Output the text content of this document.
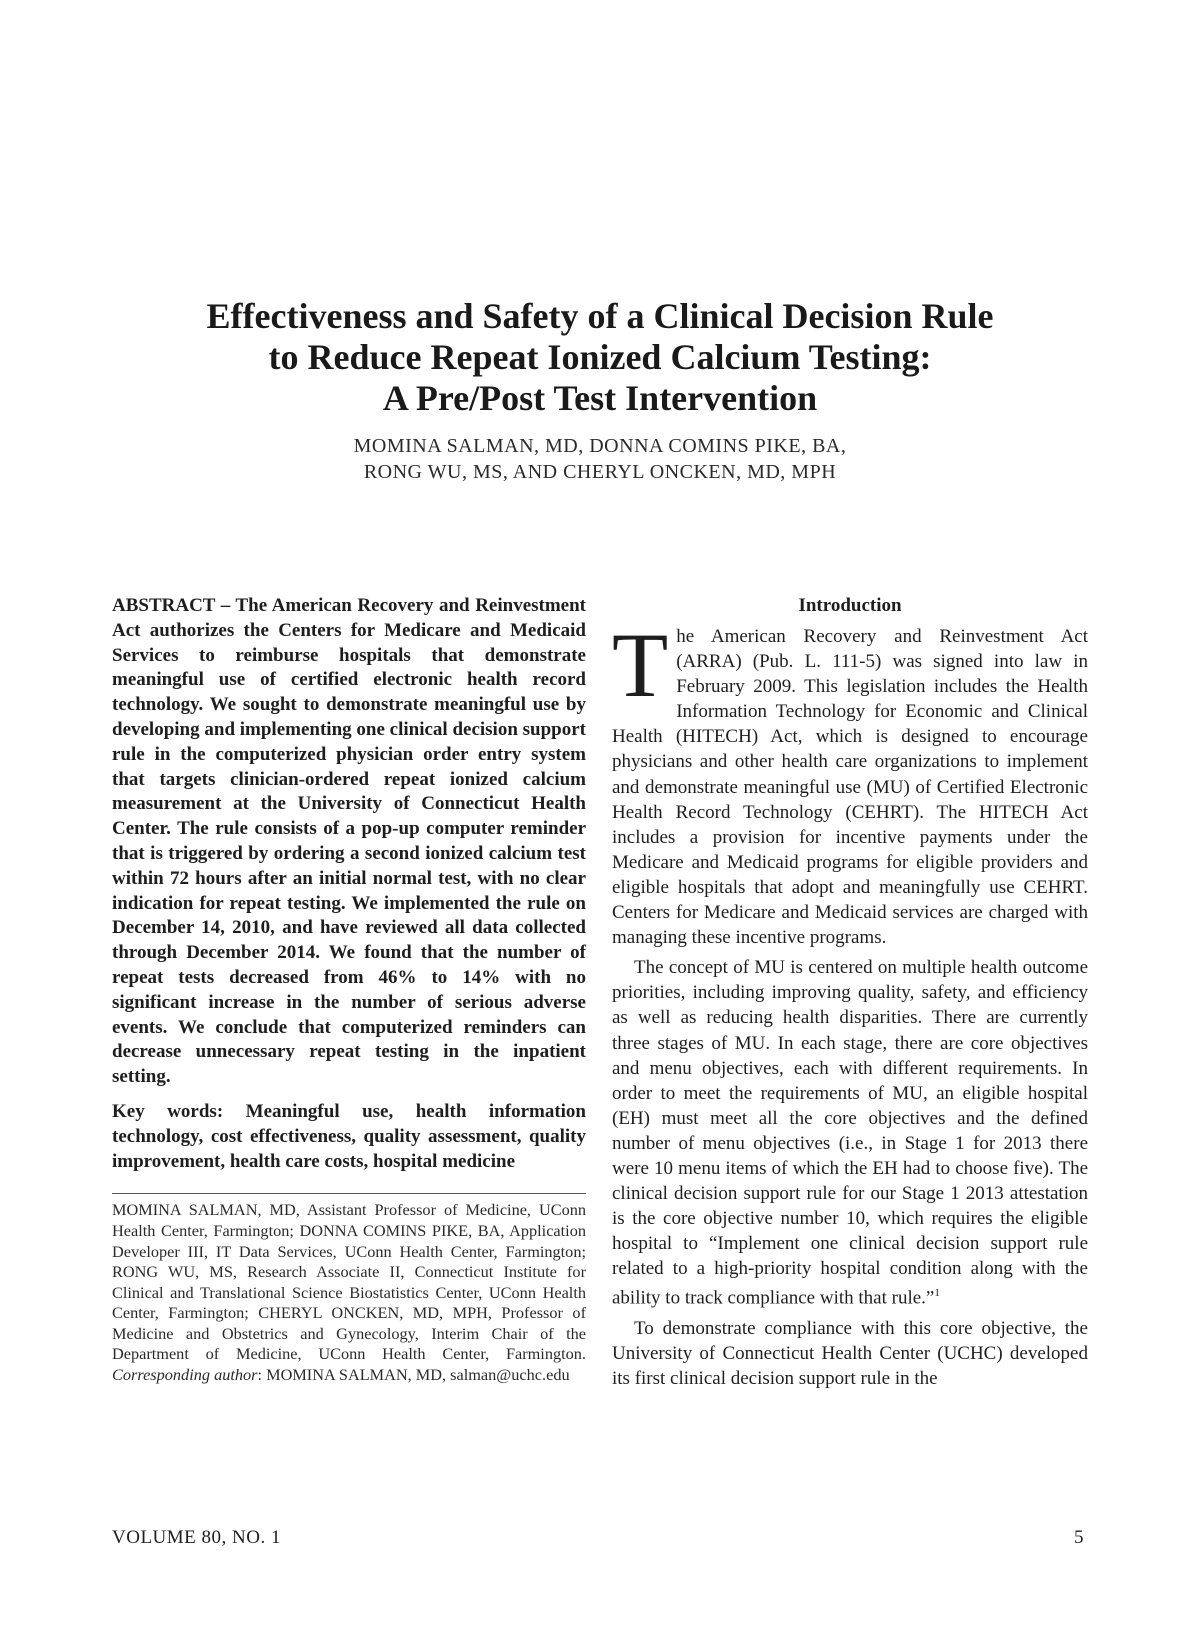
Effectiveness and Safety of a Clinical Decision Rule
to Reduce Repeat Ionized Calcium Testing:
A Pre/Post Test Intervention
MOMINA SALMAN, MD, DONNA COMINS PIKE, BA,
RONG WU, MS, AND CHERYL ONCKEN, MD, MPH

ABSTRACT – The American Recovery and Reinvestment Act authorizes the Centers for Medicare and Medicaid Services to reimburse hospitals that demonstrate meaningful use of certified electronic health record technology. We sought to demonstrate meaningful use by developing and implementing one clinical decision support rule in the computerized physician order entry system that targets clinician-ordered repeat ionized calcium measurement at the University of Connecticut Health Center. The rule consists of a pop-up computer reminder that is triggered by ordering a second ionized calcium test within 72 hours after an initial normal test, with no clear indication for repeat testing. We implemented the rule on December 14, 2010, and have reviewed all data collected through December 2014. We found that the number of repeat tests decreased from 46% to 14% with no significant increase in the number of serious adverse events. We conclude that computerized reminders can decrease unnecessary repeat testing in the inpatient setting.

Key words: Meaningful use, health information technology, cost effectiveness, quality assessment, quality improvement, health care costs, hospital medicine

MOMINA SALMAN, MD, Assistant Professor of Medicine, UConn Health Center, Farmington; DONNA COMINS PIKE, BA, Application Developer III, IT Data Services, UConn Health Center, Farmington; RONG WU, MS, Research Associate II, Connecticut Institute for Clinical and Translational Science Biostatistics Center, UConn Health Center, Farmington; CHERYL ONCKEN, MD, MPH, Professor of Medicine and Obstetrics and Gynecology, Interim Chair of the Department of Medicine, UConn Health Center, Farmington. Corresponding author: MOMINA SALMAN, MD, salman@uchc.edu

Introduction

The American Recovery and Reinvestment Act (ARRA) (Pub. L. 111-5) was signed into law in February 2009. This legislation includes the Health Information Technology for Economic and Clinical Health (HITECH) Act, which is designed to encourage physicians and other health care organizations to implement and demonstrate meaningful use (MU) of Certified Electronic Health Record Technology (CEHRT). The HITECH Act includes a provision for incentive payments under the Medicare and Medicaid programs for eligible providers and eligible hospitals that adopt and meaningfully use CEHRT. Centers for Medicare and Medicaid services are charged with managing these incentive programs.

The concept of MU is centered on multiple health outcome priorities, including improving quality, safety, and efficiency as well as reducing health disparities. There are currently three stages of MU. In each stage, there are core objectives and menu objectives, each with different requirements. In order to meet the requirements of MU, an eligible hospital (EH) must meet all the core objectives and the defined number of menu objectives (i.e., in Stage 1 for 2013 there were 10 menu items of which the EH had to choose five). The clinical decision support rule for our Stage 1 2013 attestation is the core objective number 10, which requires the eligible hospital to “Implement one clinical decision support rule related to a high-priority hospital condition along with the ability to track compliance with that rule.”$^1$

To demonstrate compliance with this core objective, the University of Connecticut Health Center (UCHC) developed its first clinical decision support rule in the

VOLUME 80, NO. 1	5
